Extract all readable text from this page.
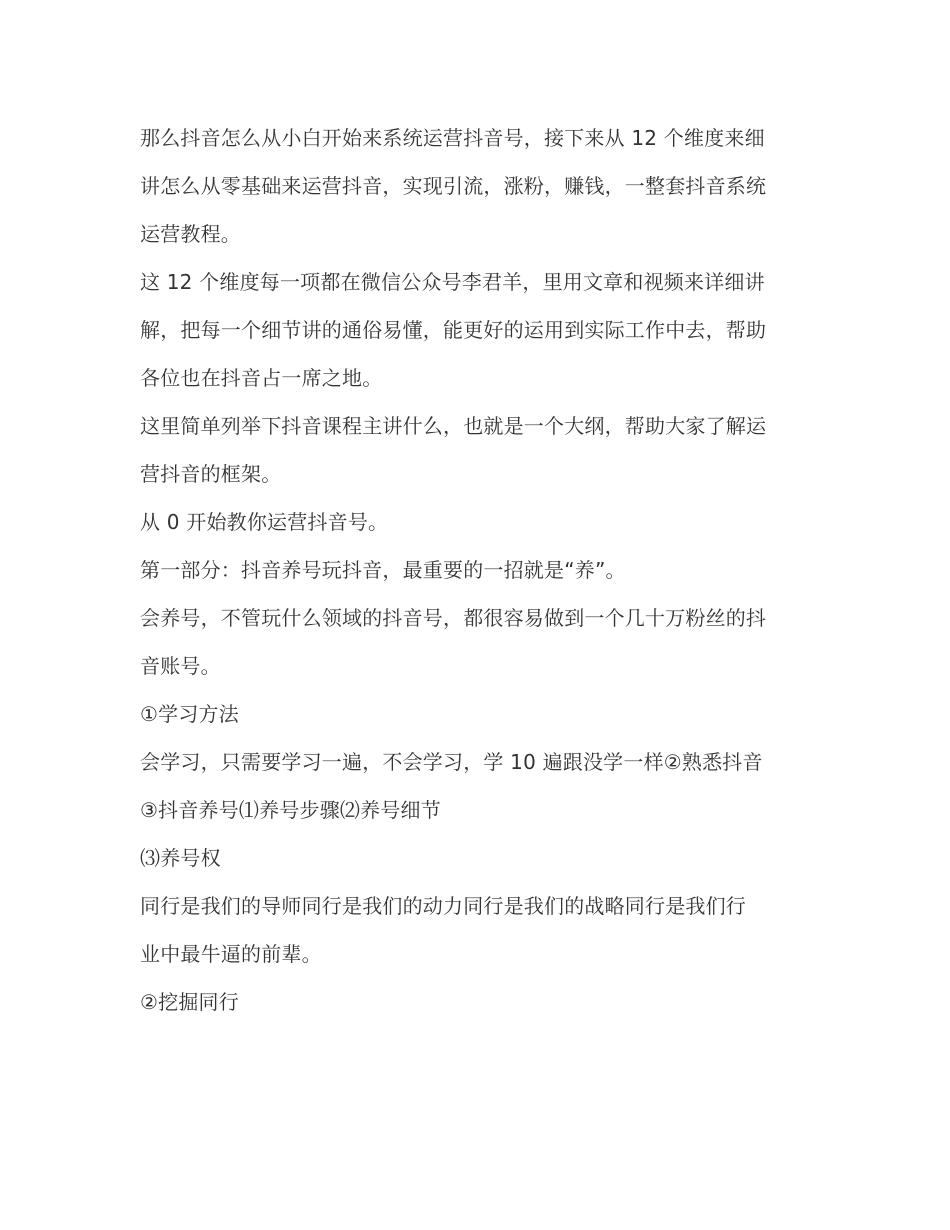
那么抖音怎么从小白开始来系统运营抖音号，接下来从 12 个维度来细
讲怎么从零基础来运营抖音，实现引流，涨粉，赚钱，一整套抖音系统
运营教程。
这 12 个维度每一项都在微信公众号李君羊，里用文章和视频来详细讲
解，把每一个细节讲的通俗易懂，能更好的运用到实际工作中去，帮助
各位也在抖音占一席之地。
这里简单列举下抖音课程主讲什么，也就是一个大纲，帮助大家了解运
营抖音的框架。
从 0 开始教你运营抖音号。
第一部分：抖音养号玩抖音，最重要的一招就是“养”。
会养号，不管玩什么领域的抖音号，都很容易做到一个几十万粉丝的抖
音账号。
①学习方法
会学习，只需要学习一遍，不会学习，学 10 遍跟没学一样②熟悉抖音
③抖音养号⑴养号步骤⑵养号细节
⑶养号权
同行是我们的导师同行是我们的动力同行是我们的战略同行是我们行
业中最牛逼的前辈。
②挖掘同行
